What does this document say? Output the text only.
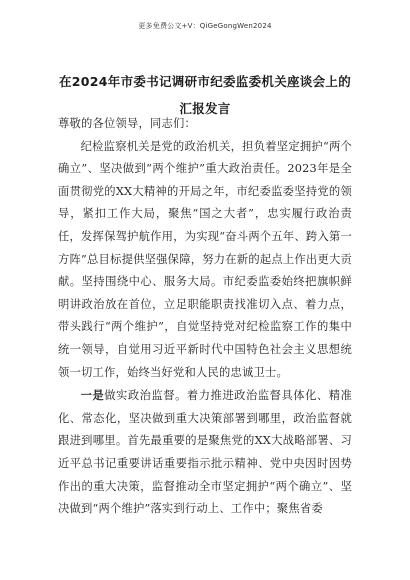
更多免费公文+V：QiGeGongWen2024
在2024年市委书记调研市纪委监委机关座谈会上的汇报发言

尊敬的各位领导，同志们：

纪检监察机关是党的政治机关，担负着坚定拥护“两个确立”、坚决做到“两个维护”重大政治责任。2023年是全面贯彻党的XX大精神的开局之年，市纪委监委坚持党的领导，紧扣工作大局，聚焦“国之大者”，忠实履行政治责任，发挥保驾护航作用，为实现“奋斗两个五年、跨入第一方阵”总目标提供坚强保障，努力在新的起点上作出更大贡献。坚持围绕中心、服务大局。市纪委监委始终把旗帜鲜明讲政治放在首位，立足职能职责找准切入点、着力点，带头践行“两个维护”，自觉坚持党对纪检监察工作的集中统一领导，自觉用习近平新时代中国特色社会主义思想统领一切工作，始终当好党和人民的忠诚卫士。

一是做实政治监督。着力推进政治监督具体化、精准化、常态化，坚决做到重大决策部署到哪里，政治监督就跟进到哪里。首先最重要的是聚焦党的XX大战略部署、习近平总书记重要讲话重要指示批示精神、党中央因时因势作出的重大决策，监督推动全市坚定拥护“两个确立”、坚决做到“两个维护”落实到行动上、工作中；聚焦省委
